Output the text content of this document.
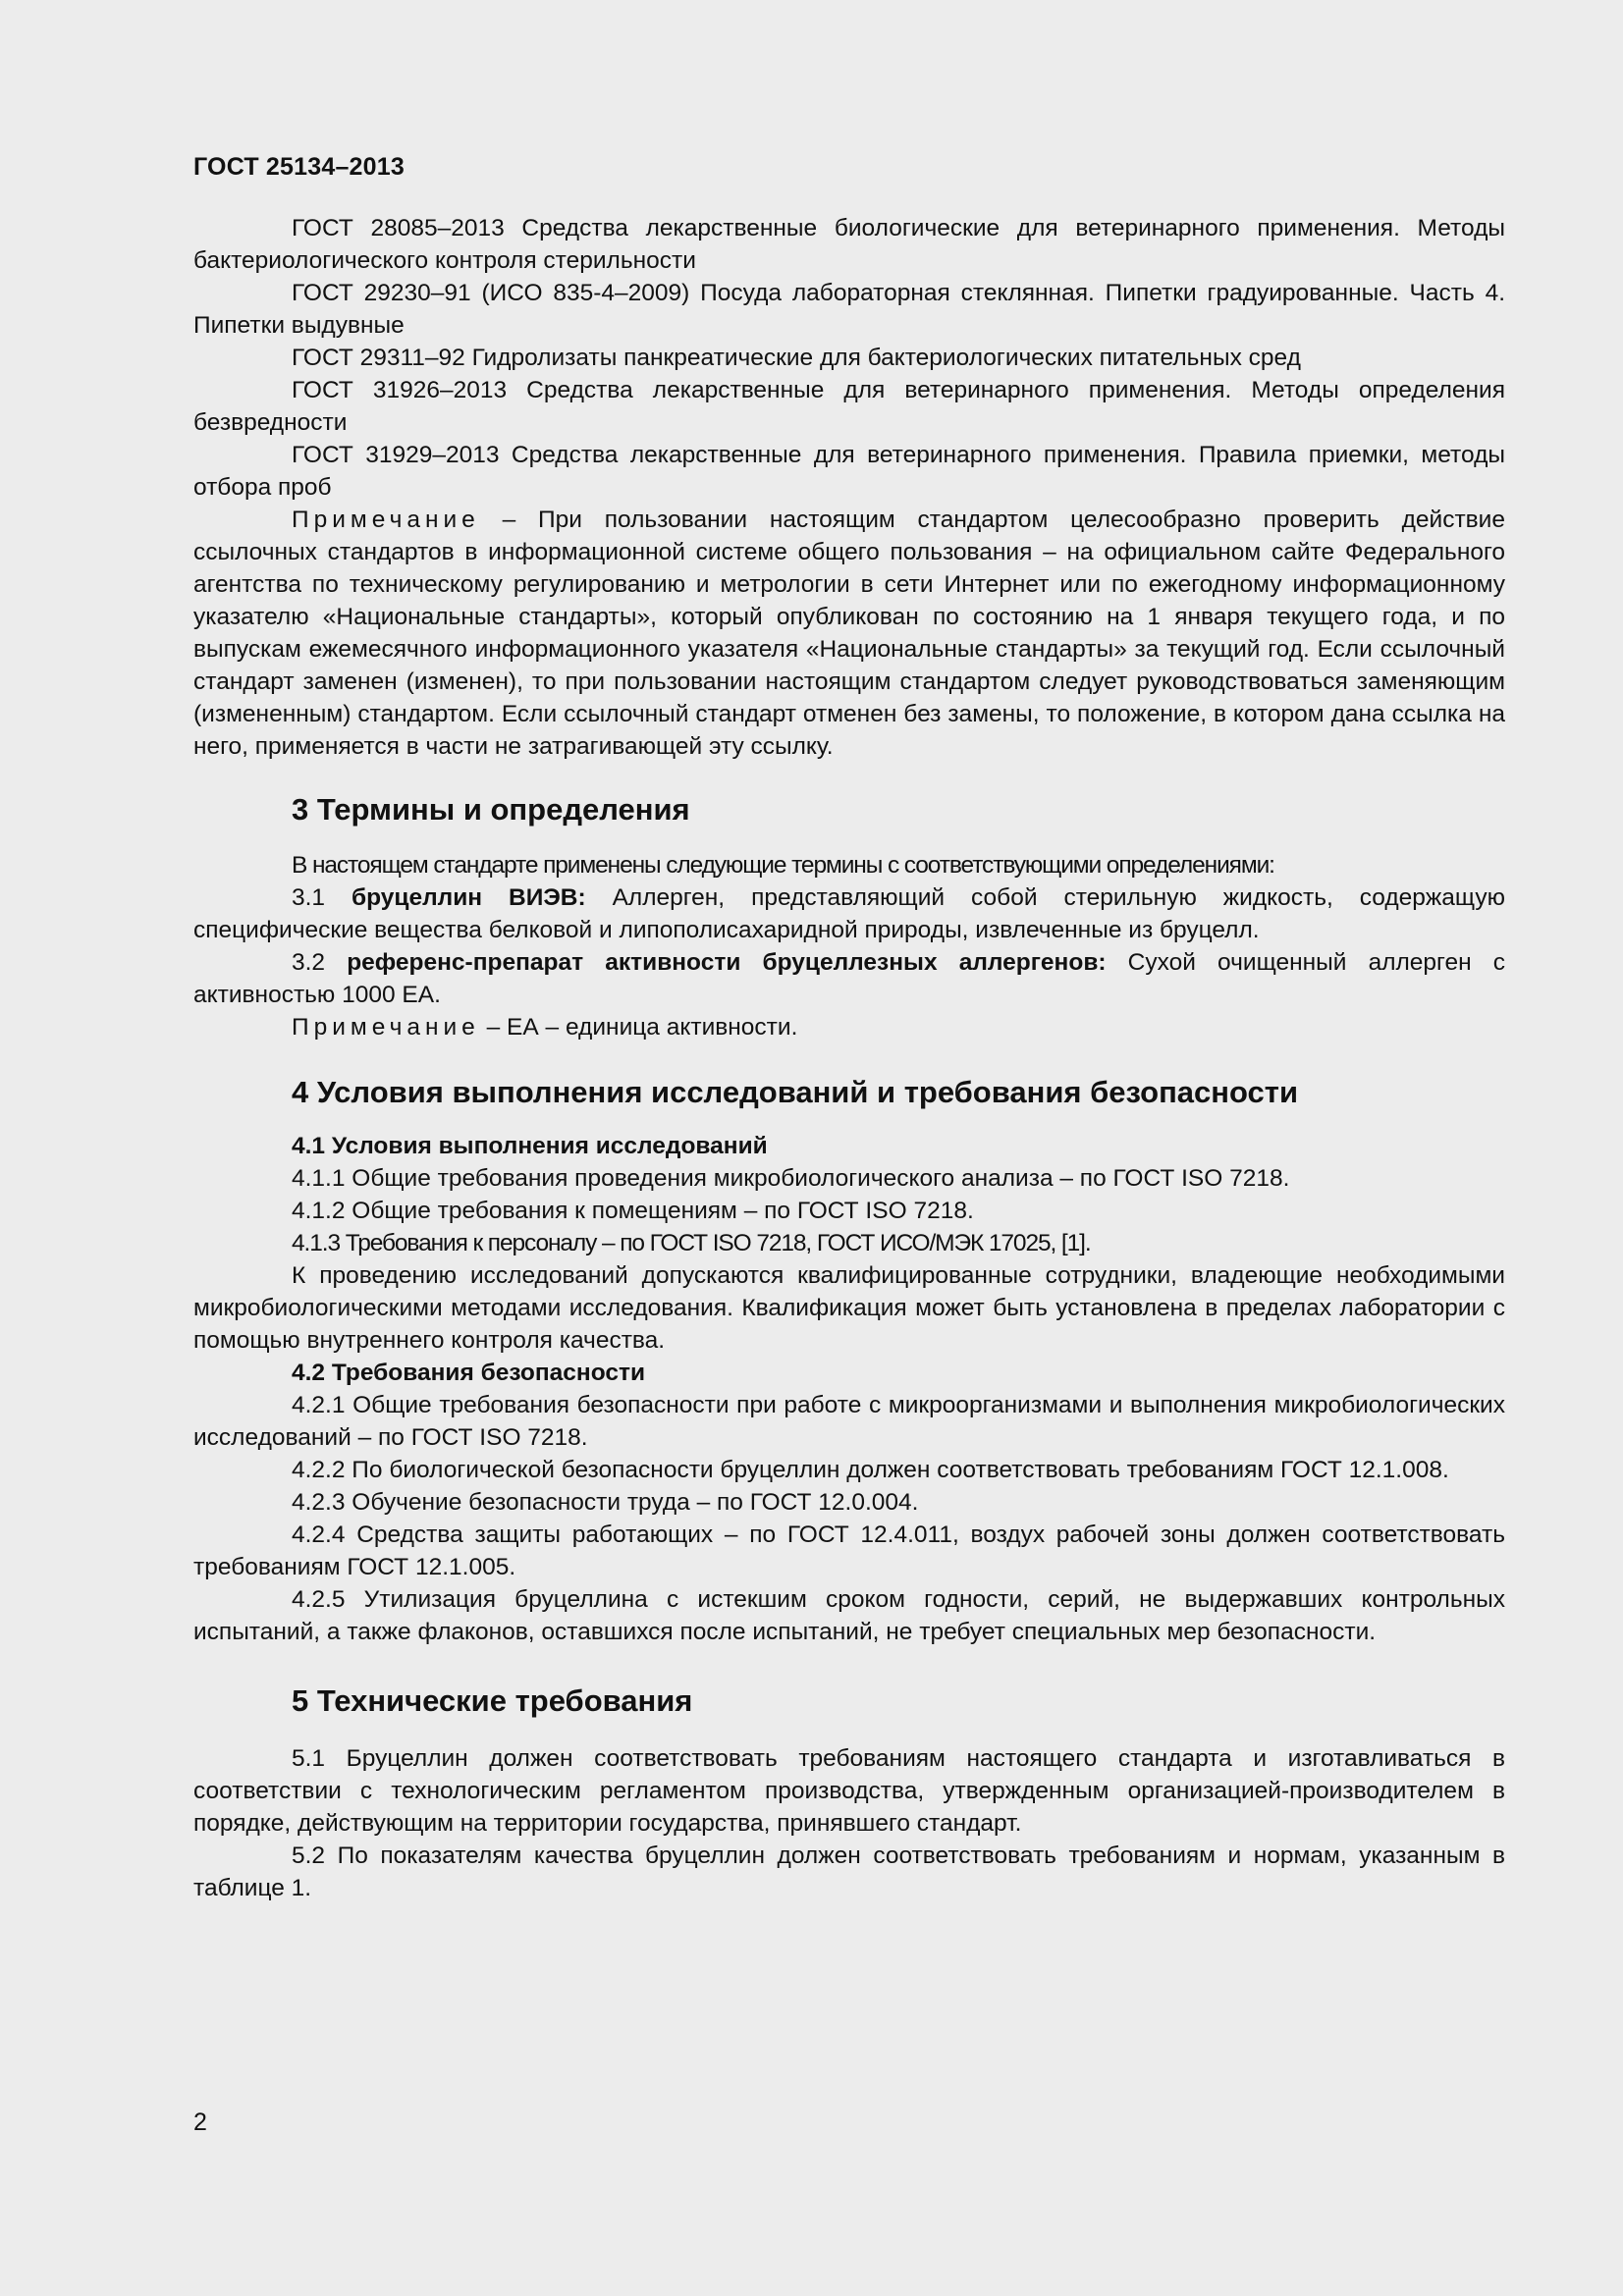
ГОСТ 25134–2013

ГОСТ 28085–2013 Средства лекарственные биологические для ветеринарного применения. Методы бактериологического контроля стерильности

ГОСТ 29230–91 (ИСО 835-4–2009) Посуда лабораторная стеклянная. Пипетки градуированные. Часть 4. Пипетки выдувные

ГОСТ 29311–92 Гидролизаты панкреатические для бактериологических питательных сред

ГОСТ 31926–2013 Средства лекарственные для ветеринарного применения. Методы определения безвредности

ГОСТ 31929–2013 Средства лекарственные для ветеринарного применения. Правила приемки, методы отбора проб

Примечание – При пользовании настоящим стандартом целесообразно проверить действие ссылочных стандартов в информационной системе общего пользования – на официальном сайте Федерального агентства по техническому регулированию и метрологии в сети Интернет или по ежегодному информационному указателю «Национальные стандарты», который опубликован по состоянию на 1 января текущего года, и по выпускам ежемесячного информационного указателя «Национальные стандарты» за текущий год. Если ссылочный стандарт заменен (изменен), то при пользовании настоящим стандартом следует руководствоваться заменяющим (измененным) стандартом. Если ссылочный стандарт отменен без замены, то положение, в котором дана ссылка на него, применяется в части не затрагивающей эту ссылку.

3 Термины и определения

В настоящем стандарте применены следующие термины с соответствующими определениями:

3.1 бруцеллин ВИЭВ: Аллерген, представляющий собой стерильную жидкость, содержащую специфические вещества белковой и липополисахаридной природы, извлеченные из бруцелл.

3.2 референс-препарат активности бруцеллезных аллергенов: Сухой очищенный аллерген с активностью 1000 ЕА.

Примечание – ЕА – единица активности.

4 Условия выполнения исследований и требования безопасности

4.1 Условия выполнения исследований

4.1.1 Общие требования проведения микробиологического анализа – по ГОСТ ISO 7218.

4.1.2 Общие требования к помещениям – по ГОСТ ISO 7218.

4.1.3 Требования к персоналу – по ГОСТ ISO 7218, ГОСТ ИСО/МЭК 17025, [1].

К проведению исследований допускаются квалифицированные сотрудники, владеющие необходимыми микробиологическими методами исследования. Квалификация может быть установлена в пределах лаборатории с помощью внутреннего контроля качества.

4.2 Требования безопасности

4.2.1 Общие требования безопасности при работе с микроорганизмами и выполнения микробиологических исследований – по ГОСТ ISO 7218.

4.2.2 По биологической безопасности бруцеллин должен соответствовать требованиям ГОСТ 12.1.008.

4.2.3 Обучение безопасности труда – по ГОСТ 12.0.004.

4.2.4 Средства защиты работающих – по ГОСТ 12.4.011, воздух рабочей зоны должен соответствовать требованиям ГОСТ 12.1.005.

4.2.5 Утилизация бруцеллина с истекшим сроком годности, серий, не выдержавших контрольных испытаний, а также флаконов, оставшихся после испытаний, не требует специальных мер безопасности.

5 Технические требования

5.1 Бруцеллин должен соответствовать требованиям настоящего стандарта и изготавливаться в соответствии с технологическим регламентом производства, утвержденным организацией-производителем в порядке, действующим на территории государства, принявшего стандарт.

5.2 По показателям качества бруцеллин должен соответствовать требованиям и нормам, указанным в таблице 1.

2
